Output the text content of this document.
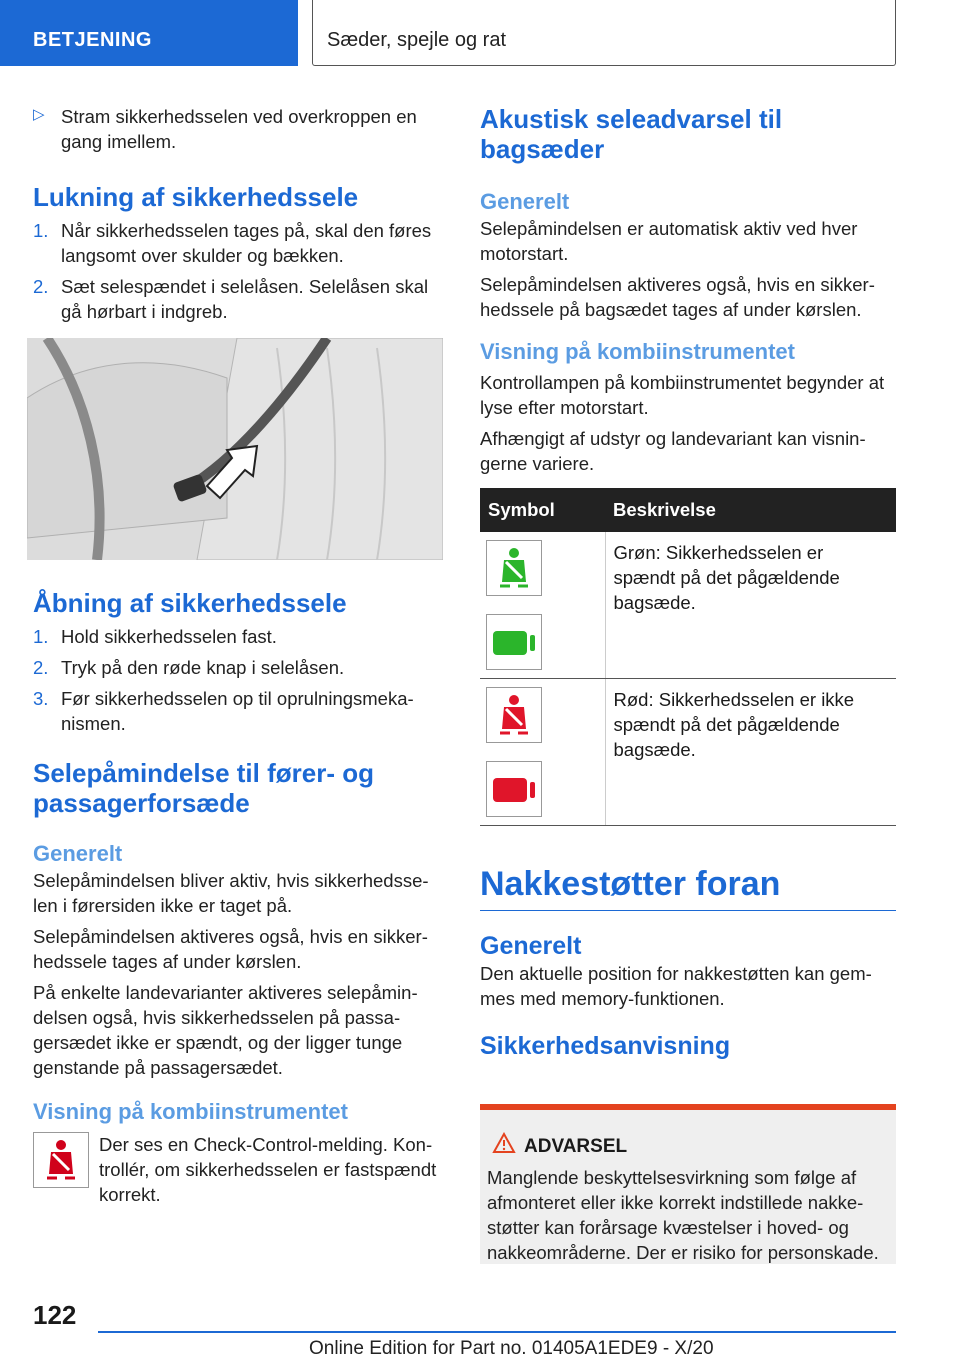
BETJENING	Sæder, spejle og rat
▷ Stram sikkerhedsselen ved overkroppen en gang imellem.

Lukning af sikkerhedssele
1. Når sikkerhedsselen tages på, skal den føres langsomt over skulder og bækken.
2. Sæt selespændet i selelåsen. Selelåsen skal gå hørbart i indgreb.
Åbning af sikkerhedssele
1. Hold sikkerhedsselen fast.
2. Tryk på den røde knap i selelåsen.
3. Før sikkerhedsselen op til oprulningsmekanismen.
Selepåmindelse til fører- og passagerforsæde
Generelt

Selepåmindelsen bliver aktiv, hvis sikkerhedsselen i førersiden ikke er taget på.

Selepåmindelsen aktiveres også, hvis en sikkerhedssele tages af under kørslen.

På enkelte landevarianter aktiveres selepåmindelsen også, hvis sikkerhedsselen på passagersædet ikke er spændt, og der ligger tunge genstande på passagersædet.

Visning på kombiinstrumentet

Der ses en Check-Control-melding. Kontrollér, om sikkerhedsselen er fastspændt korrekt.

Akustisk seleadvarsel til bagsæder
Generelt

Selepåmindelsen er automatisk aktiv ved hver motorstart.

Selepåmindelsen aktiveres også, hvis en sikkerhedssele på bagsædet tages af under kørslen.

Visning på kombiinstrumentet

Kontrollampen på kombiinstrumentet begynder at lyse efter motorstart.

Afhængigt af udstyr og landevariant kan visningerne variere.

Symbol	Beskrivelse

	Grøn: Sikkerhedsselen er spændt på det pågældende bagsæde.

	Rød: Sikkerhedsselen er ikke spændt på det pågældende bagsæde.
Nakkestøtter foran
Generelt

Den aktuelle position for nakkestøtten kan gemmes med memory-funktionen.

Sikkerhedsanvisning
ADVARSEL

Manglende beskyttelsesvirkning som følge af afmonteret eller ikke korrekt indstillede nakkestøtter kan forårsage kvæstelser i hoved- og nakkeområderne. Der er risiko for personskade.

122
Online Edition for Part no. 01405A1EDE9 - X/20
